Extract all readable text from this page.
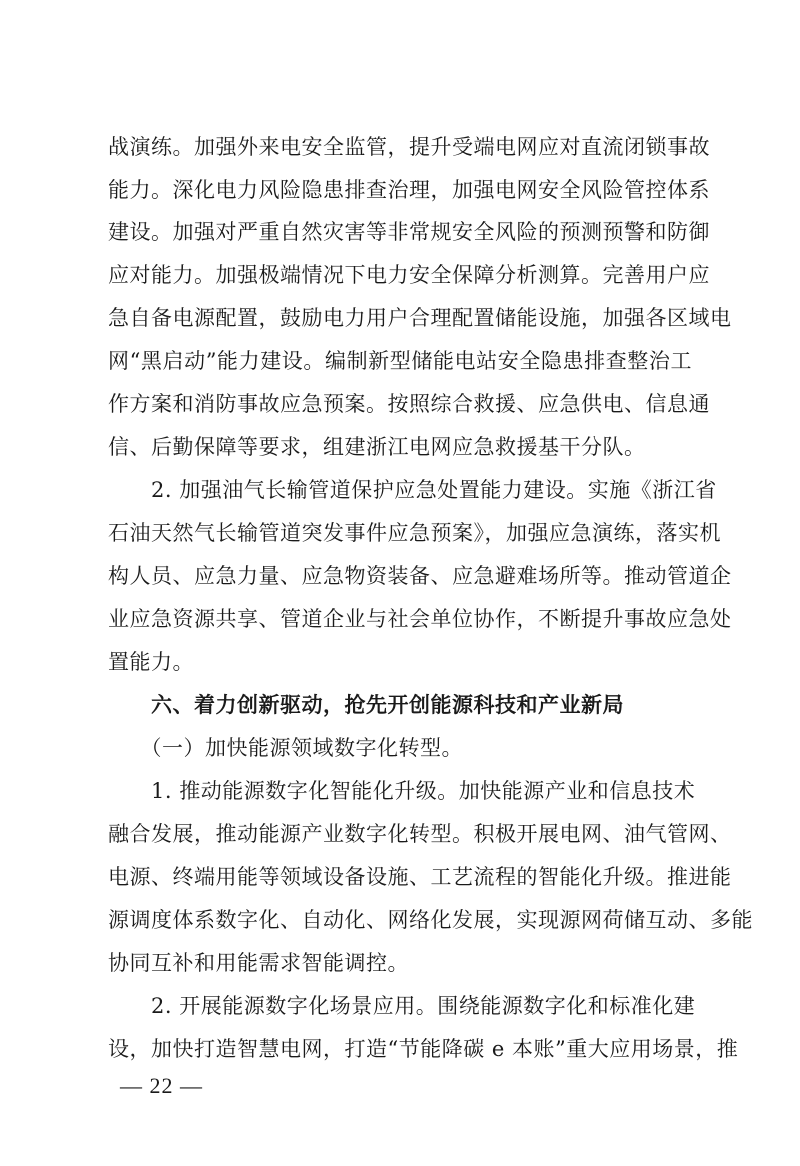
战演练。加强外来电安全监管，提升受端电网应对直流闭锁事故
能力。深化电力风险隐患排查治理，加强电网安全风险管控体系
建设。加强对严重自然灾害等非常规安全风险的预测预警和防御
应对能力。加强极端情况下电力安全保障分析测算。完善用户应
急自备电源配置，鼓励电力用户合理配置储能设施，加强各区域电
网“黑启动”能力建设。编制新型储能电站安全隐患排查整治工
作方案和消防事故应急预案。按照综合救援、应急供电、信息通
信、后勤保障等要求，组建浙江电网应急救援基干分队。
　　2. 加强油气长输管道保护应急处置能力建设。实施《浙江省
石油天然气长输管道突发事件应急预案》，加强应急演练，落实机
构人员、应急力量、应急物资装备、应急避难场所等。推动管道企
业应急资源共享、管道企业与社会单位协作，不断提升事故应急处
置能力。
　　六、着力创新驱动，抢先开创能源科技和产业新局
　　（一）加快能源领域数字化转型。
　　1. 推动能源数字化智能化升级。加快能源产业和信息技术
融合发展，推动能源产业数字化转型。积极开展电网、油气管网、
电源、终端用能等领域设备设施、工艺流程的智能化升级。推进能
源调度体系数字化、自动化、网络化发展，实现源网荷储互动、多能
协同互补和用能需求智能调控。
　　2. 开展能源数字化场景应用。围绕能源数字化和标准化建
设，加快打造智慧电网，打造“节能降碳 e 本账”重大应用场景，推
— 22 —
